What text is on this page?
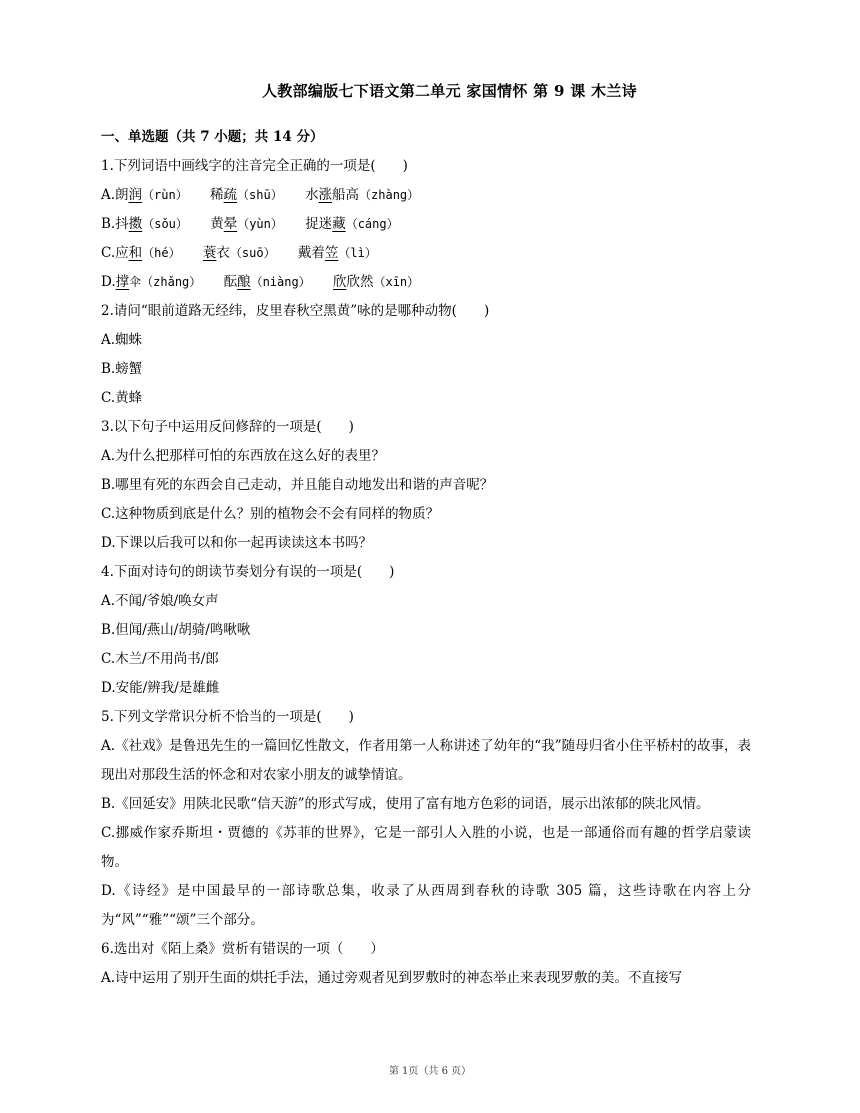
人教部编版七下语文第二单元 家国情怀 第 9 课 木兰诗
一、单选题（共 7 小题；共 14 分）
1.下列词语中画线字的注音完全正确的一项是(　　)
A.朗润（rùn） 稀疏（shū） 水涨船高（zhàng）
B.抖擞（sǒu） 黄晕（yùn） 捉迷藏（cáng）
C.应和（hé） 蓑衣（suō） 戴着笠（lì）
D.撑伞（zhǎng） 酝酿（niàng） 欣欣然（xīn）
2.请问“眼前道路无经纬，皮里春秋空黑黄”咏的是哪种动物(　　)
A.蜘蛛
B.螃蟹
C.黄蜂
3.以下句子中运用反问修辞的一项是(　　)
A.为什么把那样可怕的东西放在这么好的表里？
B.哪里有死的东西会自己走动，并且能自动地发出和谐的声音呢？
C.这种物质到底是什么？别的植物会不会有同样的物质？
D.下课以后我可以和你一起再读读这本书吗？
4.下面对诗句的朗读节奏划分有误的一项是(　　)
A.不闻/爷娘/唤女声
B.但闻/燕山/胡骑/鸣啾啾
C.木兰/不用尚书/郎
D.安能/辨我/是雄雌
5.下列文学常识分析不恰当的一项是(　　)
A.《社戏》是鲁迅先生的一篇回忆性散文，作者用第一人称讲述了幼年的“我”随母归省小住平桥村的故事，表现出对那段生活的怀念和对农家小朋友的诚挚情谊。
B.《回延安》用陕北民歌“信天游”的形式写成，使用了富有地方色彩的词语，展示出浓郁的陕北风情。
C.挪威作家乔斯坦・贾德的《苏菲的世界》，它是一部引人入胜的小说，也是一部通俗而有趣的哲学启蒙读物。
D.《诗经》是中国最早的一部诗歌总集，收录了从西周到春秋的诗歌 305 篇，这些诗歌在内容上分为“风”“雅”“颂”三个部分。
6.选出对《陌上桑》赏析有错误的一项（　　）
A.诗中运用了别开生面的烘托手法，通过旁观者见到罗敷时的神态举止来表现罗敷的美。不直接写
第 1页（共 6 页）
